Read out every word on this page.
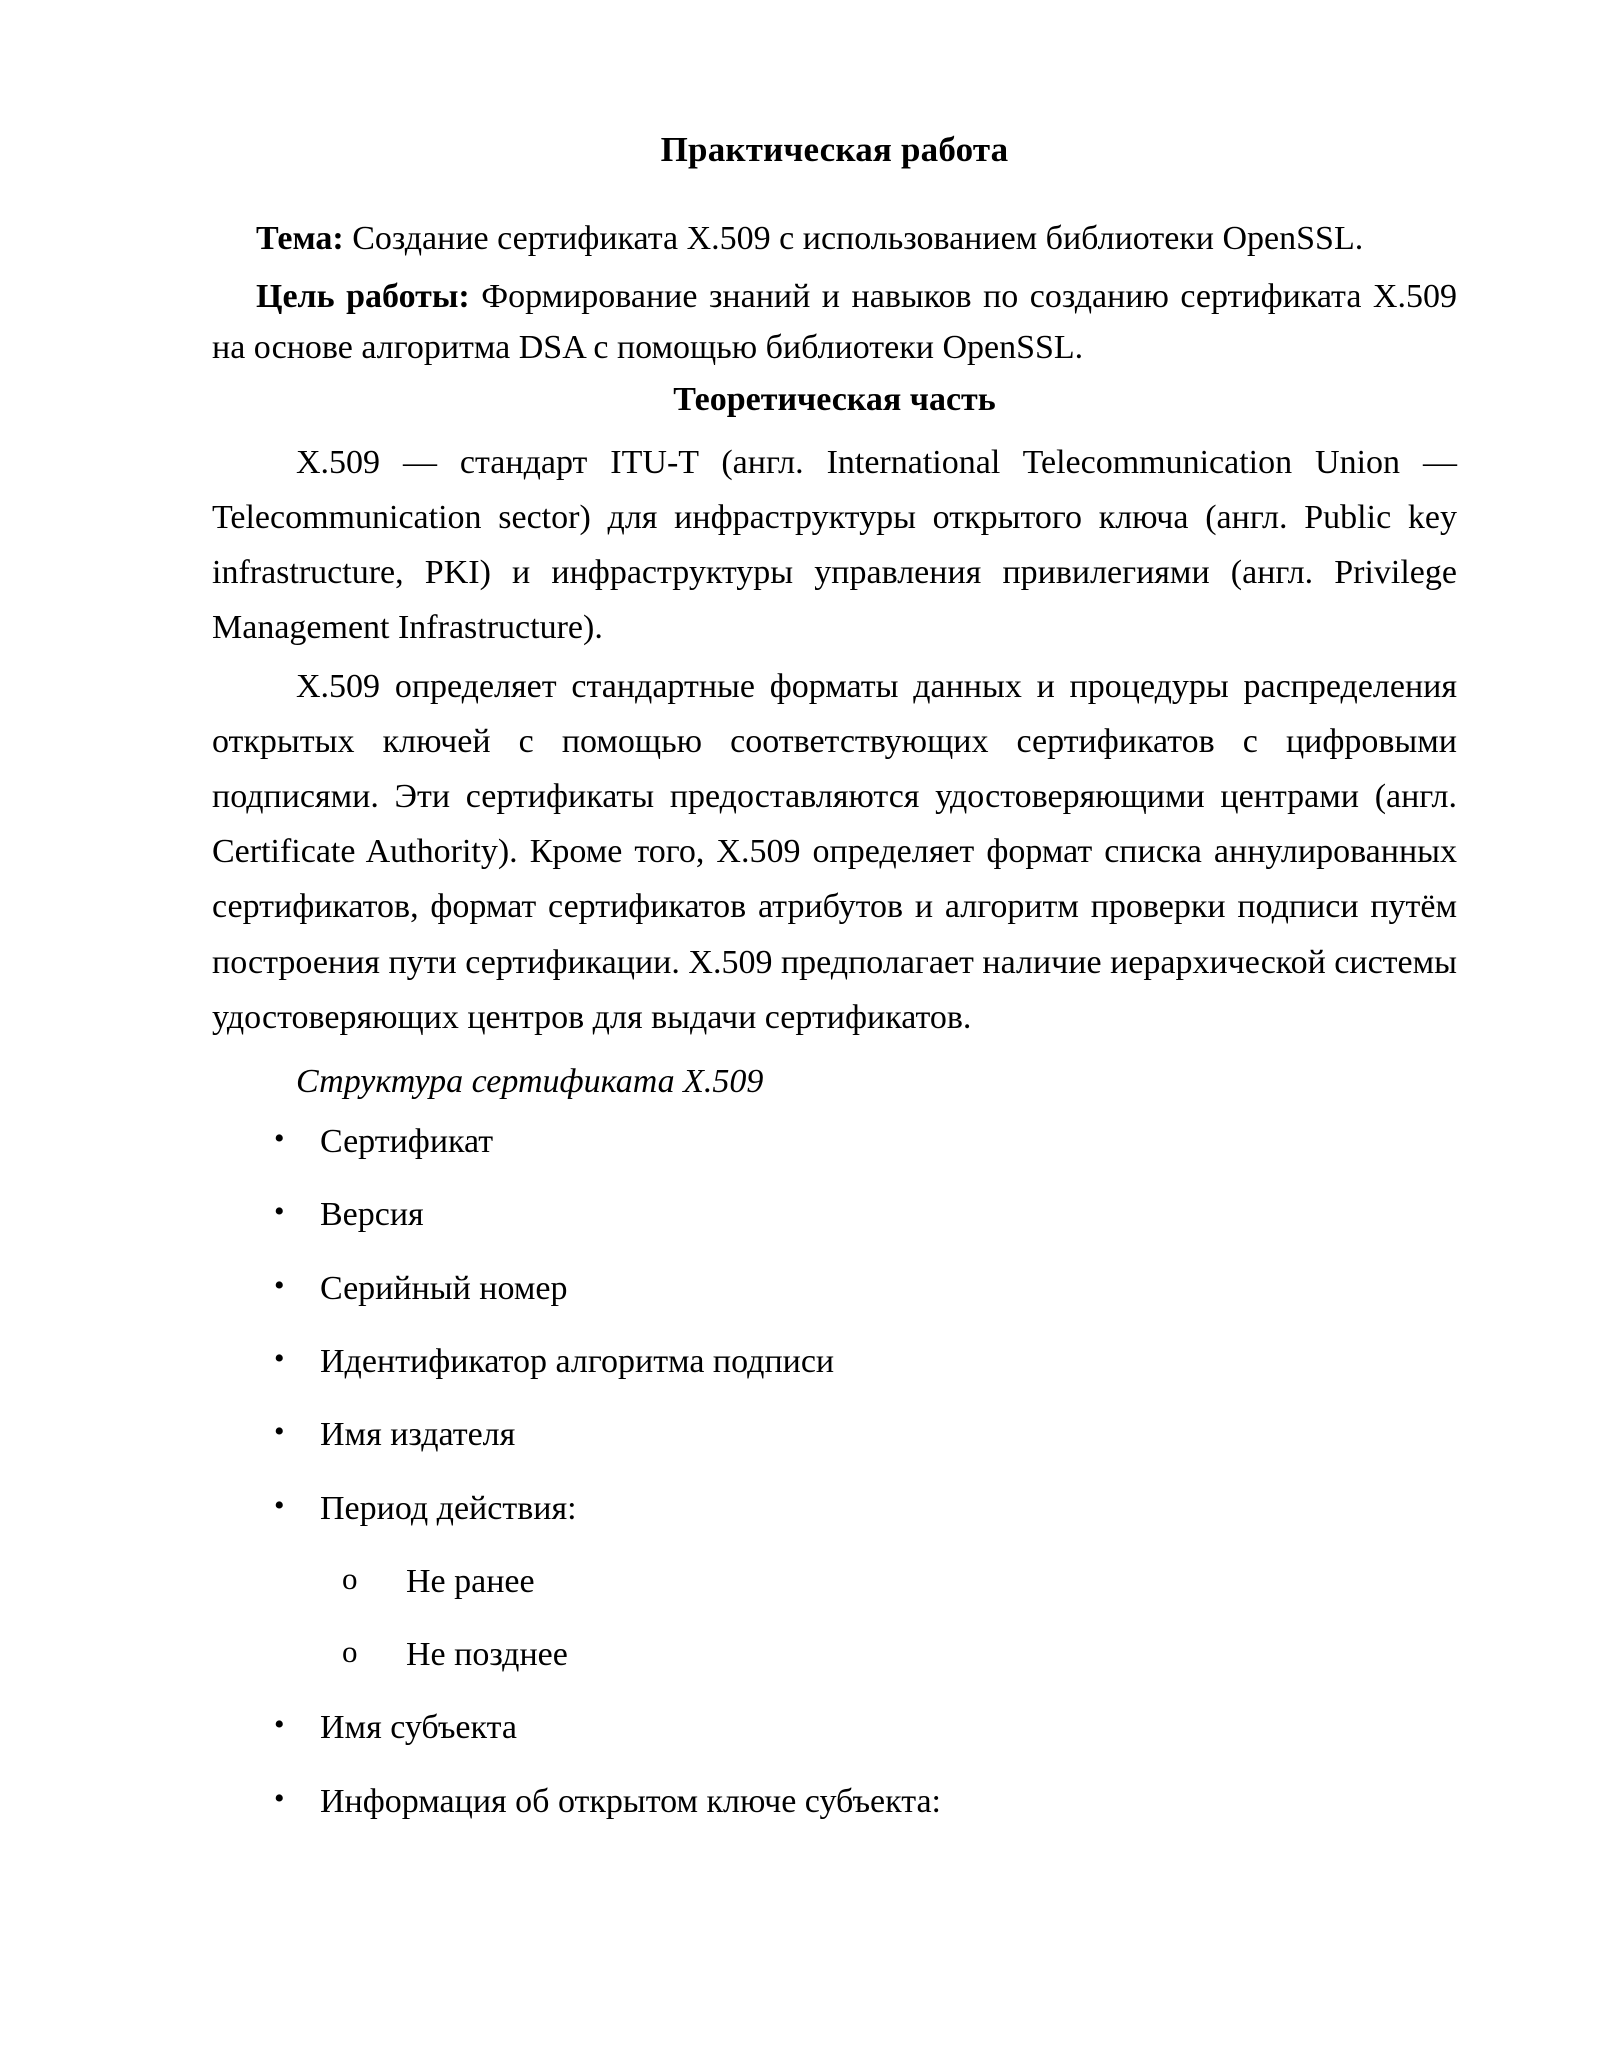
Практическая работа

Тема: Создание сертификата X.509 с использованием библиотеки OpenSSL.

Цель работы: Формирование знаний и навыков по созданию сертификата X.509 на основе алгоритма DSA с помощью библиотеки OpenSSL.

Теоретическая часть

X.509 — стандарт ITU-T (англ. International Telecommunication Union — Telecommunication sector) для инфраструктуры открытого ключа (англ. Public key infrastructure, PKI) и инфраструктуры управления привилегиями (англ. Privilege Management Infrastructure).

X.509 определяет стандартные форматы данных и процедуры распределения открытых ключей с помощью соответствующих сертификатов с цифровыми подписями. Эти сертификаты предоставляются удостоверяющими центрами (англ. Certificate Authority). Кроме того, X.509 определяет формат списка аннулированных сертификатов, формат сертификатов атрибутов и алгоритм проверки подписи путём построения пути сертификации. X.509 предполагает наличие иерархической системы удостоверяющих центров для выдачи сертификатов.

Структура сертификата X.509

• Сертификат
• Версия
• Серийный номер
• Идентификатор алгоритма подписи
• Имя издателя
• Период действия:
o Не ранее
o Не позднее
• Имя субъекта
• Информация об открытом ключе субъекта:
